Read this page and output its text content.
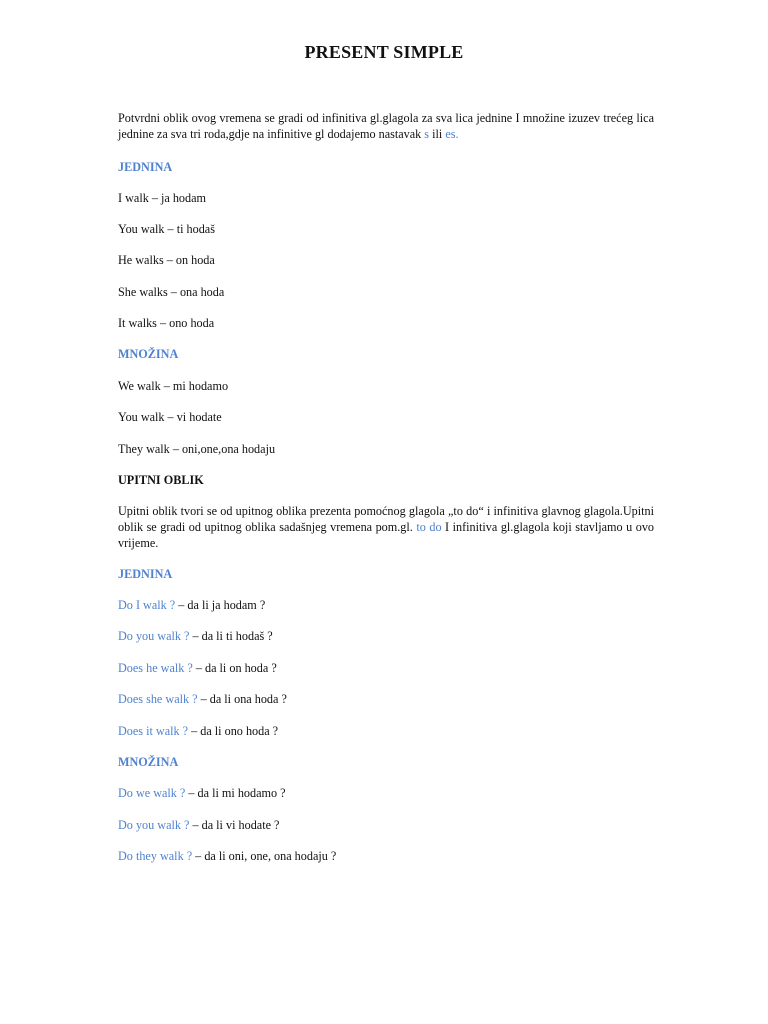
PRESENT SIMPLE
Potvrdni oblik ovog vremena se gradi od infinitiva gl.glagola za sva lica jednine I množine izuzev trećeg lica jednine za sva tri roda,gdje na infinitive gl dodajemo nastavak s ili es.
JEDNINA
I walk – ja hodam
You walk – ti hodaš
He walks – on hoda
She walks – ona hoda
It walks – ono hoda
MNOŽINA
We walk – mi hodamo
You walk – vi hodate
They walk – oni,one,ona hodaju
UPITNI OBLIK
Upitni oblik tvori se od upitnog oblika prezenta pomoćnog glagola „to do“ i infinitiva glavnog glagola.Upitni oblik se gradi od upitnog oblika sadašnjeg vremena pom.gl. to do I infinitiva gl.glagola koji stavljamo u ovo vrijeme.
JEDNINA
Do I walk ? – da li ja hodam ?
Do you walk ? – da li ti hodaš ?
Does he walk ? – da li on hoda ?
Does she walk ? – da li ona hoda ?
Does it walk ? – da li ono hoda ?
MNOŽINA
Do we walk ? – da li mi hodamo ?
Do you walk ? – da li vi hodate ?
Do they walk ? – da li oni, one, ona hodaju ?
